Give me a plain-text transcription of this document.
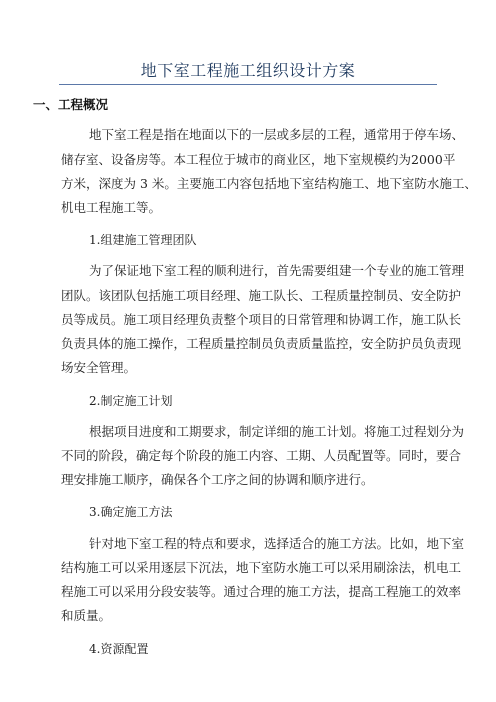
地下室工程施工组织设计方案
一、工程概况
地下室工程是指在地面以下的一层或多层的工程，通常用于停车场、
储存室、设备房等。本工程位于城市的商业区，地下室规模约为2000平
方米，深度为 3 米。主要施工内容包括地下室结构施工、地下室防水施工、
机电工程施工等。
1.组建施工管理团队
为了保证地下室工程的顺利进行，首先需要组建一个专业的施工管理
团队。该团队包括施工项目经理、施工队长、工程质量控制员、安全防护
员等成员。施工项目经理负责整个项目的日常管理和协调工作，施工队长
负责具体的施工操作，工程质量控制员负责质量监控，安全防护员负责现
场安全管理。
2.制定施工计划
根据项目进度和工期要求，制定详细的施工计划。将施工过程划分为
不同的阶段，确定每个阶段的施工内容、工期、人员配置等。同时，要合
理安排施工顺序，确保各个工序之间的协调和顺序进行。
3.确定施工方法
针对地下室工程的特点和要求，选择适合的施工方法。比如，地下室
结构施工可以采用逐层下沉法，地下室防水施工可以采用刷涂法，机电工
程施工可以采用分段安装等。通过合理的施工方法，提高工程施工的效率
和质量。
4.资源配置
